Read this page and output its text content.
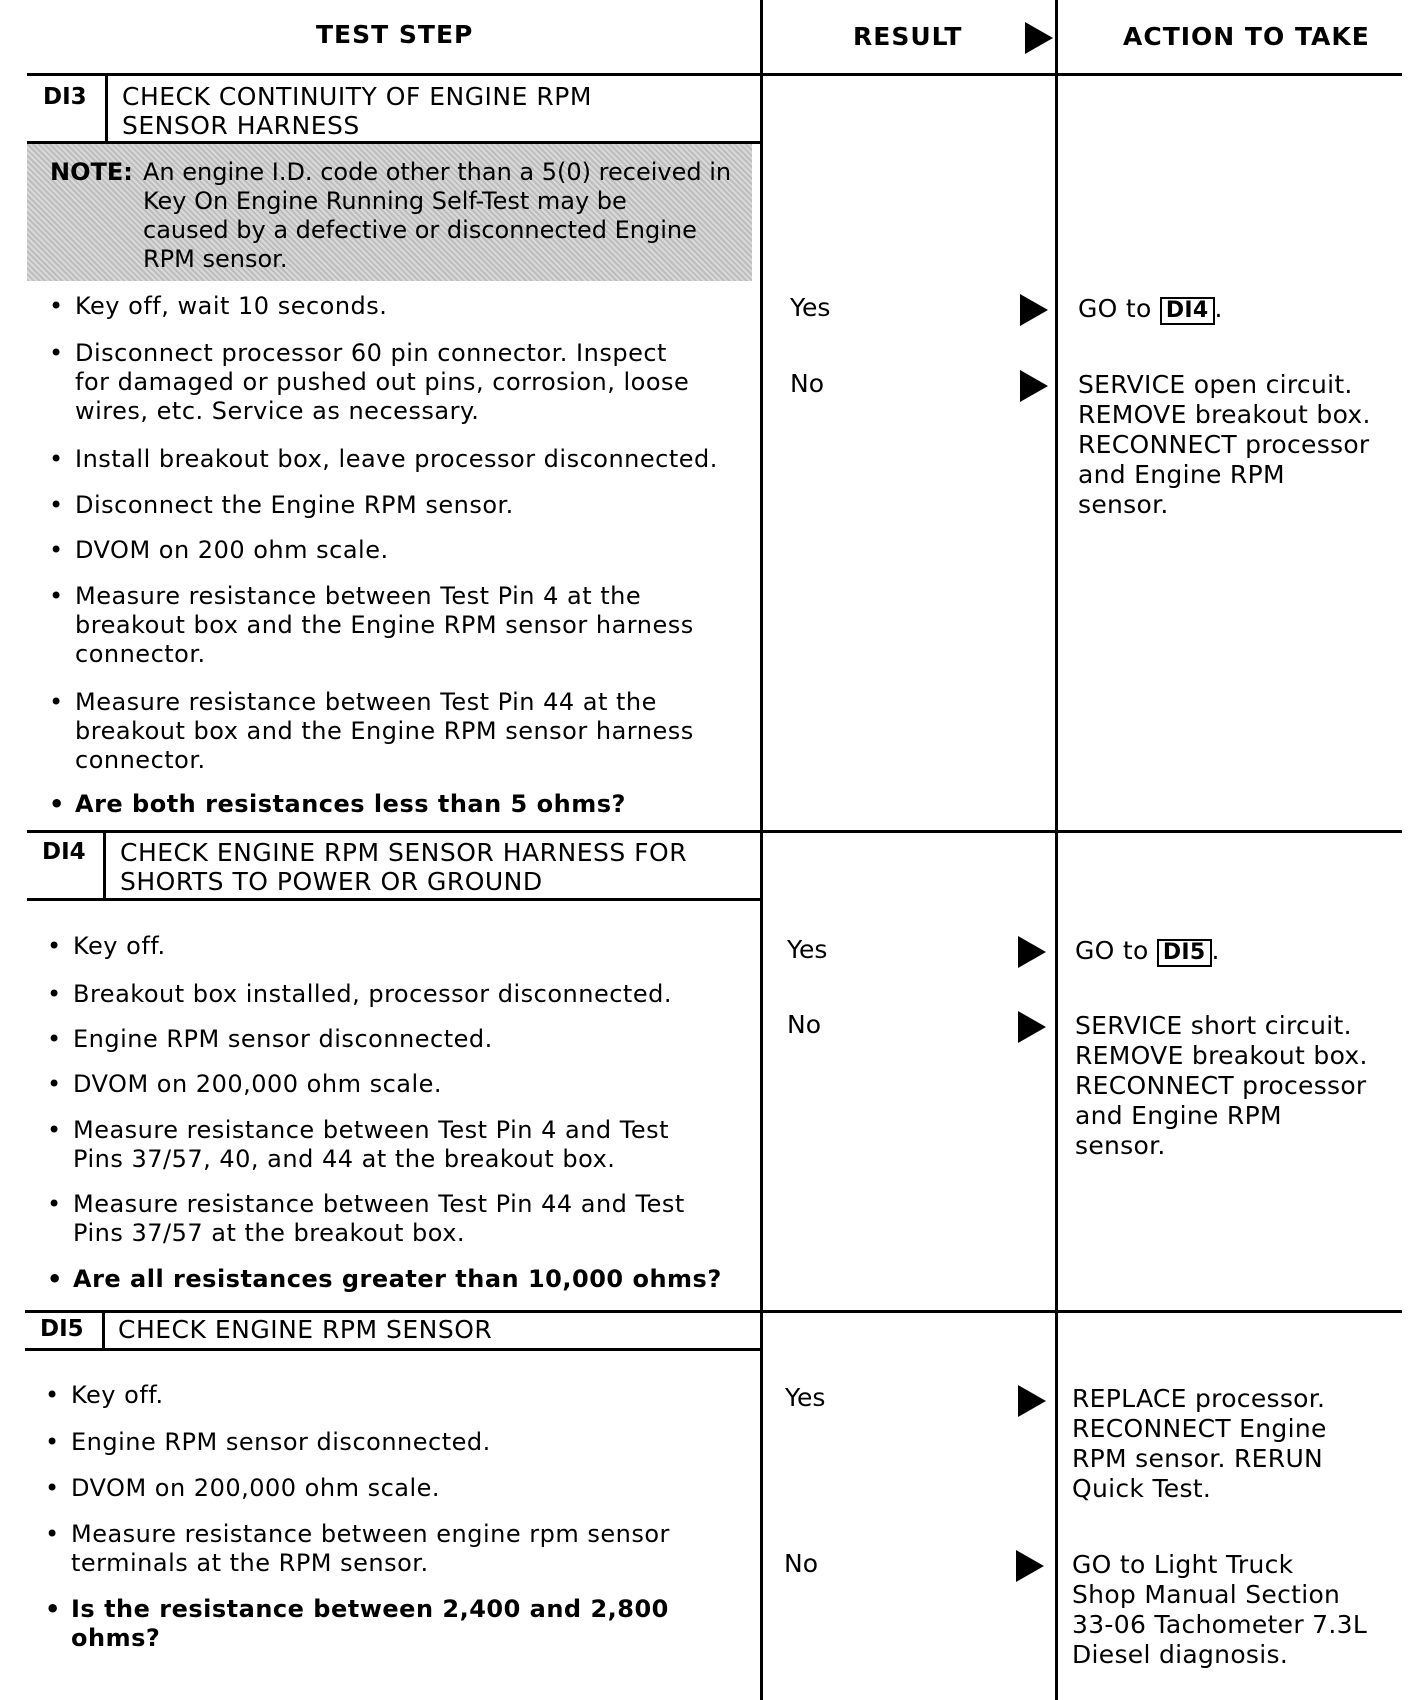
TEST STEP	RESULT	ACTION TO TAKE
DI3 CHECK CONTINUITY OF ENGINE RPM
SENSOR HARNESS
NOTE: An engine I.D. code other than a 5(0) received in
Key On Engine Running Self-Test may be
caused by a defective or disconnected Engine
RPM sensor.
• Key off, wait 10 seconds.
• Disconnect processor 60 pin connector. Inspect
for damaged or pushed out pins, corrosion, loose
wires, etc. Service as necessary.
• Install breakout box, leave processor disconnected.
• Disconnect the Engine RPM sensor.
• DVOM on 200 ohm scale.
• Measure resistance between Test Pin 4 at the
breakout box and the Engine RPM sensor harness
connector.
• Measure resistance between Test Pin 44 at the
breakout box and the Engine RPM sensor harness
connector.
• Are both resistances less than 5 ohms?
Yes	GO to DI4 .
No	SERVICE open circuit.
REMOVE breakout box.
RECONNECT processor
and Engine RPM
sensor.
DI4 CHECK ENGINE RPM SENSOR HARNESS FOR
SHORTS TO POWER OR GROUND
• Key off.
• Breakout box installed, processor disconnected.
• Engine RPM sensor disconnected.
• DVOM on 200,000 ohm scale.
• Measure resistance between Test Pin 4 and Test
Pins 37/57, 40, and 44 at the breakout box.
• Measure resistance between Test Pin 44 and Test
Pins 37/57 at the breakout box.
• Are all resistances greater than 10,000 ohms?
Yes	GO to DI5 .
No	SERVICE short circuit.
REMOVE breakout box.
RECONNECT processor
and Engine RPM
sensor.
DI5 CHECK ENGINE RPM SENSOR
• Key off.
• Engine RPM sensor disconnected.
• DVOM on 200,000 ohm scale.
• Measure resistance between engine rpm sensor
terminals at the RPM sensor.
• Is the resistance between 2,400 and 2,800
ohms?
Yes	REPLACE processor.
RECONNECT Engine
RPM sensor. RERUN
Quick Test.
No	GO to Light Truck
Shop Manual Section
33-06 Tachometer 7.3L
Diesel diagnosis.
